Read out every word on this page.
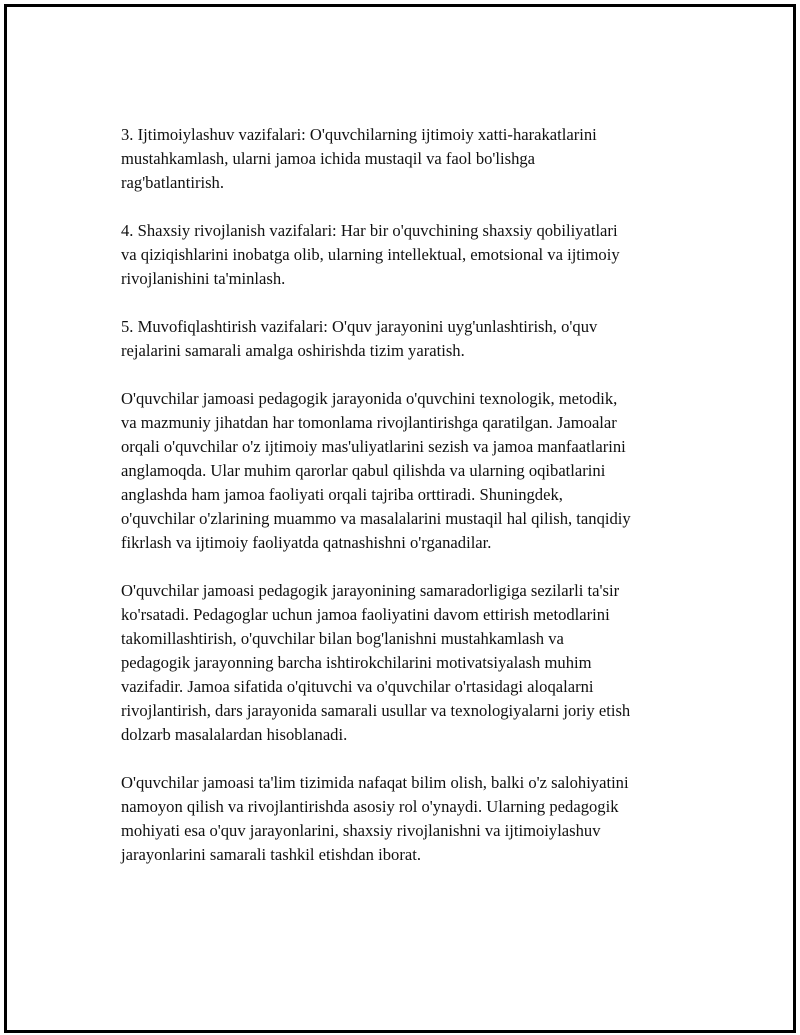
3. Ijtimoiylashuv vazifalari: O'quvchilarning ijtimoiy xatti-harakatlarini
mustahkamlash, ularni jamoa ichida mustaqil va faol bo'lishga
rag'batlantirish.

4. Shaxsiy rivojlanish vazifalari: Har bir o'quvchining shaxsiy qobiliyatlari
va qiziqishlarini inobatga olib, ularning intellektual, emotsional va ijtimoiy
rivojlanishini ta'minlash.

5. Muvofiqlashtirish vazifalari: O'quv jarayonini uyg'unlashtirish, o'quv
rejalarini samarali amalga oshirishda tizim yaratish.

O'quvchilar jamoasi pedagogik jarayonida o'quvchini texnologik, metodik,
va mazmuniy jihatdan har tomonlama rivojlantirishga qaratilgan. Jamoalar
orqali o'quvchilar o'z ijtimoiy mas'uliyatlarini sezish va jamoa manfaatlarini
anglamoqda. Ular muhim qarorlar qabul qilishda va ularning oqibatlarini
anglashda ham jamoa faoliyati orqali tajriba orttiradi. Shuningdek,
o'quvchilar o'zlarining muammo va masalalarini mustaqil hal qilish, tanqidiy
fikrlash va ijtimoiy faoliyatda qatnashishni o'rganadilar.

O'quvchilar jamoasi pedagogik jarayonining samaradorligiga sezilarli ta'sir
ko'rsatadi. Pedagoglar uchun jamoa faoliyatini davom ettirish metodlarini
takomillashtirish, o'quvchilar bilan bog'lanishni mustahkamlash va
pedagogik jarayonning barcha ishtirokchilarini motivatsiyalash muhim
vazifadir. Jamoa sifatida o'qituvchi va o'quvchilar o'rtasidagi aloqalarni
rivojlantirish, dars jarayonida samarali usullar va texnologiyalarni joriy etish
dolzarb masalalardan hisoblanadi.

O'quvchilar jamoasi ta'lim tizimida nafaqat bilim olish, balki o'z salohiyatini
namoyon qilish va rivojlantirishda asosiy rol o'ynaydi. Ularning pedagogik
mohiyati esa o'quv jarayonlarini, shaxsiy rivojlanishni va ijtimoiylashuv
jarayonlarini samarali tashkil etishdan iborat.
